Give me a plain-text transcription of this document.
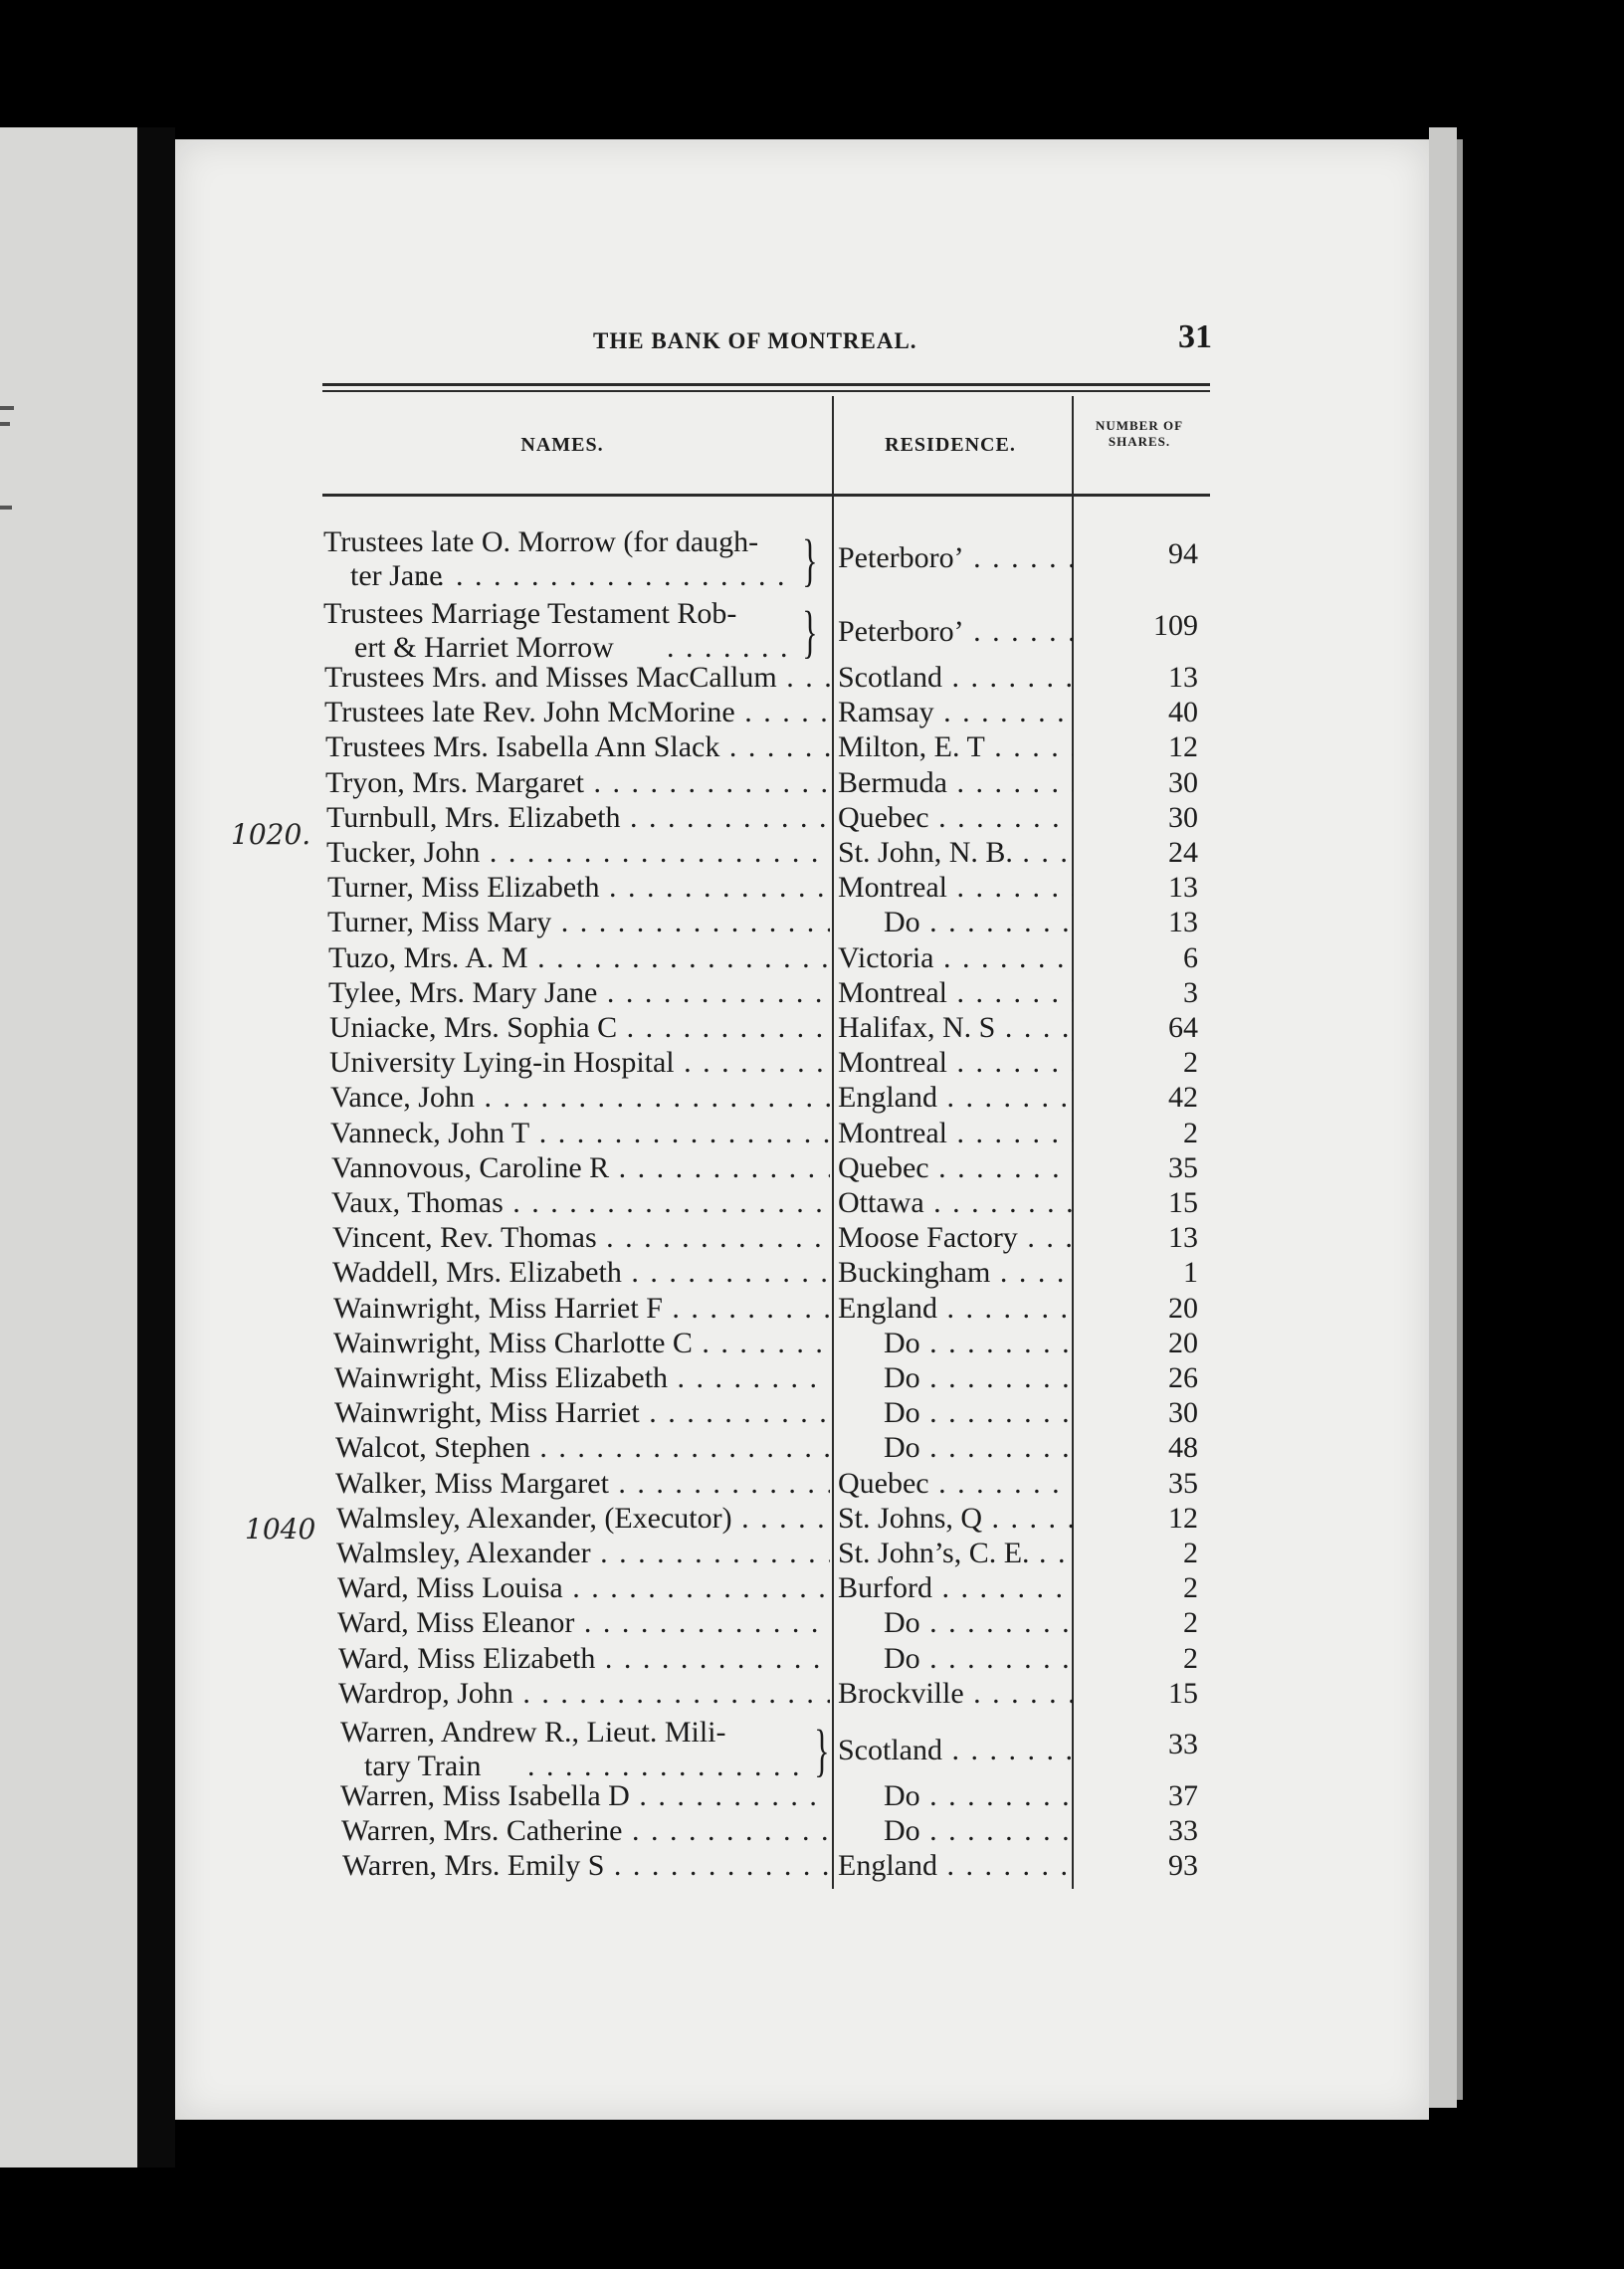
THE BANK OF MONTREAL.	31
NAMES.	RESIDENCE.
NUMBER OF
SHARES.
1020.
1040
Trustees late O. Morrow (for daugh-
ter Jane . . .	} Peterboro’ . . .	94
Trustees Marriage Testament Rob-
ert & Harriet Morrow . . .	} Peterboro’ . . .	109
Trustees Mrs. and Misses MacCallum . . .	Scotland . . .	13
Trustees late Rev. John McMorine . . .	Ramsay . . .	40
Trustees Mrs. Isabella Ann Slack . . .	Milton, E. T . . .	12
Tryon, Mrs. Margaret . . .	Bermuda . . .	30
Turnbull, Mrs. Elizabeth . . .	Quebec . . .	30
Tucker, John . . .	St. John, N. B. . . .	24
Turner, Miss Elizabeth . . .	Montreal . . .	13
Turner, Miss Mary . . .	Do . . .	13
Tuzo, Mrs. A. M . . .	Victoria . . .	6
Tylee, Mrs. Mary Jane . . .	Montreal . . .	3
Uniacke, Mrs. Sophia C . . .	Halifax, N. S . . .	64
University Lying-in Hospital . . .	Montreal . . .	2
Vance, John . . .	England . . .	42
Vanneck, John T . . .	Montreal . . .	2
Vannovous, Caroline R . . .	Quebec . . .	35
Vaux, Thomas . . .	Ottawa . . .	15
Vincent, Rev. Thomas . . .	Moose Factory . . .	13
Waddell, Mrs. Elizabeth . . .	Buckingham . . .	1
Wainwright, Miss Harriet F . . .	England . . .	20
Wainwright, Miss Charlotte C . . .	Do . . .	20
Wainwright, Miss Elizabeth . . .	Do . . .	26
Wainwright, Miss Harriet . . .	Do . . .	30
Walcot, Stephen . . .	Do . . .	48
Walker, Miss Margaret . . .	Quebec . . .	35
Walmsley, Alexander, (Executor) . . .	St. Johns, Q . . .	12
Walmsley, Alexander . . .	St. John’s, C. E. . . .	2
Ward, Miss Louisa . . .	Burford . . .	2
Ward, Miss Eleanor . . .	Do . . .	2
Ward, Miss Elizabeth . . .	Do . . .	2
Wardrop, John . . .	Brockville . . .	15
Warren, Andrew R., Lieut. Mili-
tary Train . . .	} Scotland . . .	33
Warren, Miss Isabella D . . .	Do . . .	37
Warren, Mrs. Catherine . . .	Do . . .	33
Warren, Mrs. Emily S . . .	England . . .	93
